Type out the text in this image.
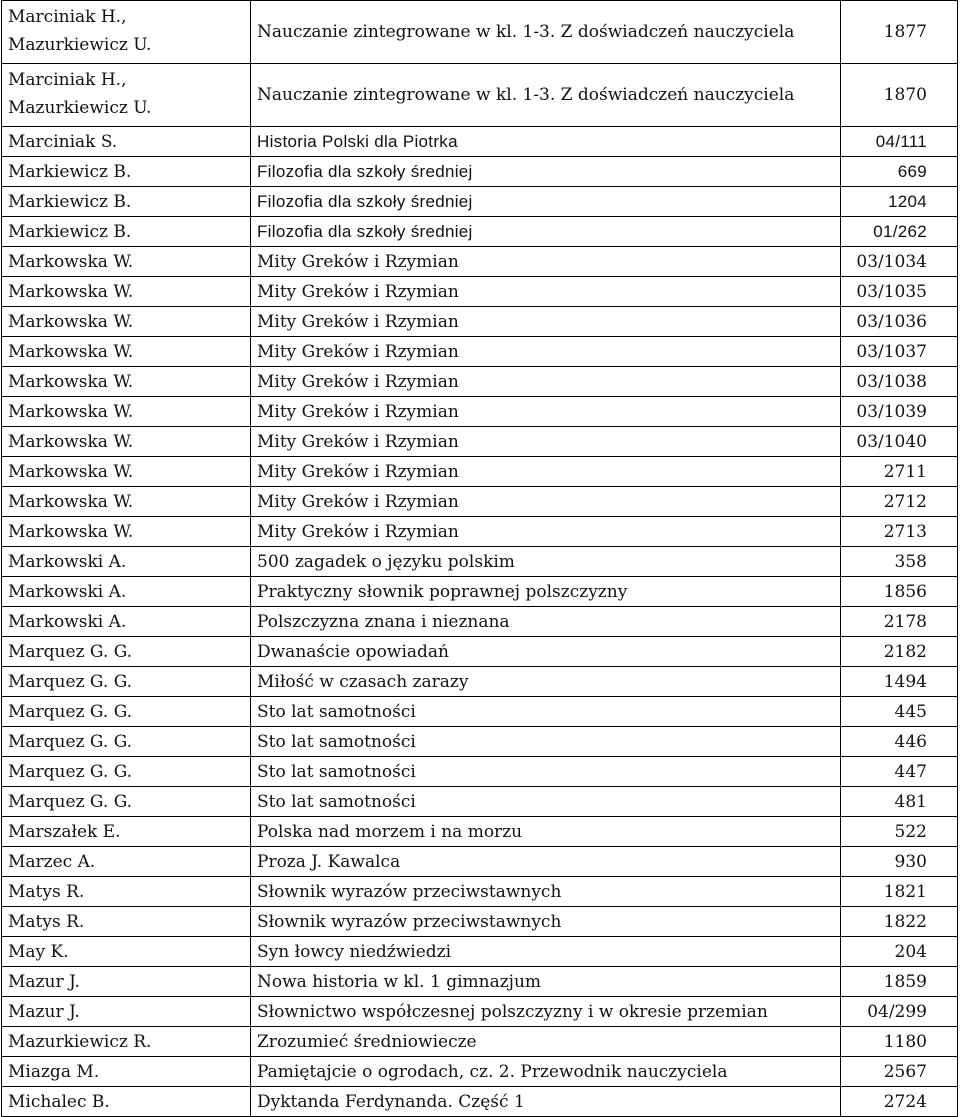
Marciniak H., Mazurkiewicz U.	Nauczanie zintegrowane w kl. 1-3. Z doświadczeń nauczyciela	1877
Marciniak H., Mazurkiewicz U.	Nauczanie zintegrowane w kl. 1-3. Z doświadczeń nauczyciela	1870
Marciniak S.	Historia Polski dla Piotrka	04/111
Markiewicz B.	Filozofia dla szkoły średniej	669
Markiewicz B.	Filozofia dla szkoły średniej	1204
Markiewicz B.	Filozofia dla szkoły średniej	01/262
Markowska W.	Mity Greków i Rzymian	03/1034
Markowska W.	Mity Greków i Rzymian	03/1035
Markowska W.	Mity Greków i Rzymian	03/1036
Markowska W.	Mity Greków i Rzymian	03/1037
Markowska W.	Mity Greków i Rzymian	03/1038
Markowska W.	Mity Greków i Rzymian	03/1039
Markowska W.	Mity Greków i Rzymian	03/1040
Markowska W.	Mity Greków i Rzymian	2711
Markowska W.	Mity Greków i Rzymian	2712
Markowska W.	Mity Greków i Rzymian	2713
Markowski A.	500 zagadek o języku polskim	358
Markowski A.	Praktyczny słownik poprawnej polszczyzny	1856
Markowski A.	Polszczyzna znana i nieznana	2178
Marquez G. G.	Dwanaście opowiadań	2182
Marquez G. G.	Miłość w czasach zarazy	1494
Marquez G. G.	Sto lat samotności	445
Marquez G. G.	Sto lat samotności	446
Marquez G. G.	Sto lat samotności	447
Marquez G. G.	Sto lat samotności	481
Marszałek E.	Polska nad morzem i na morzu	522
Marzec A.	Proza J. Kawalca	930
Matys R.	Słownik wyrazów przeciwstawnych	1821
Matys R.	Słownik wyrazów przeciwstawnych	1822
May K.	Syn łowcy niedźwiedzi	204
Mazur J.	Nowa historia w kl. 1 gimnazjum	1859
Mazur J.	Słownictwo współczesnej polszczyzny i w okresie przemian	04/299
Mazurkiewicz R.	Zrozumieć średniowiecze	1180
Miazga M.	Pamiętajcie o ogrodach, cz. 2. Przewodnik nauczyciela	2567
Michalec B.	Dyktanda Ferdynanda. Część 1	2724
